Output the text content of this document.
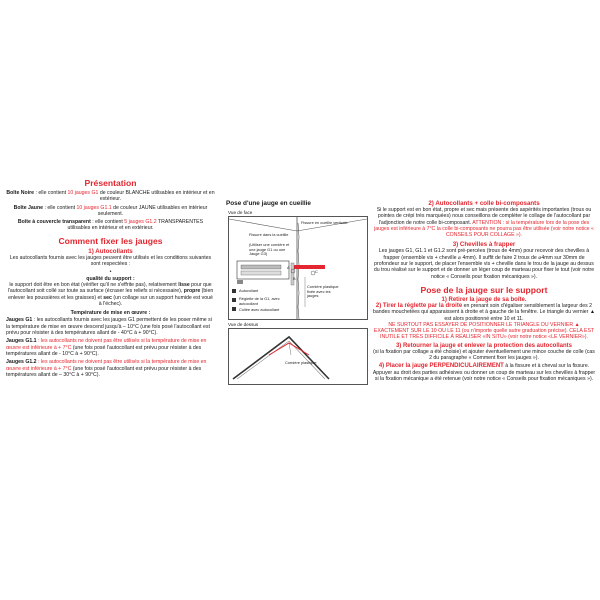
Présentation

Boîte Noire : elle contient 10 jauges G1 de couleur BLANCHE utilisables en intérieur et en extérieur.

Boîte Jaune : elle contient 10 jauges G1.1 de couleur JAUNE utilisables en intérieur seulement.

Boîte à couvercle transparent : elle contient 5 jauges G1.2 TRANSPARENTES utilisables en intérieur et en extérieur.

Comment fixer les jauges

1) Autocollants

Les autocollants fournis avec les jauges peuvent être utilisés et les conditions suivantes sont respectées :

•

qualité du support :

le support doit être en bon état (vérifier qu'il ne s'effrite pas), relativement lisse pour que l'autocollant soit collé sur toute sa surface (écraser les reliefs si nécessaire), propre (bien enlever les poussières et les graisses) et sec (un collage sur un support humide est voué à l'échec).

Température de mise en œuvre :

Jauges G1 : les autocollants fournis avec les jauges G1 permettent de les poser même si la température de mise en œuvre descend jusqu'à – 10°C (une fois posé l'autocollant est prévu pour résister à des températures allant de - 40°C à + 90°C).

Jauges G1.1 : les autocollants ne doivent pas être utilisés si la température de mise en œuvre est inférieure à + 7°C (une fois posé l'autocollant est prévu pour résister à des températures allant de - 10°C à + 90°C).

Jauges G1.2 : les autocollants ne doivent pas être utilisés si la température de mise en œuvre est inférieure à + 7°C (une fois posé l'autocollant est prévu pour résister à des températures allant de – 30°C à + 90°C).

Pose d'une jauge en cueillie

Vue de face

Fissure en cueillie verticale
Fissure dans la cueillie
(Utiliser une cornière et une jauge G1 ou une Jauge G3)
A
B
C
Autocollant
Réglette de la G1, avec autocollant
Collée avec autocollant
Cornière plastique fixée avec les jauges

Vue de dessus

Cornière plastique

2) Autocollants + colle bi-composants

Si le support est en bon état, propre et sec mais présente des aspérités importantes (trous ou pointes de crépi très marquées) nous conseillons de compléter le collage de l'autocollant par l'adjonction de notre colle bi-composant. ATTENTION : si la température lors de la pose des jauges est inférieure à 7°C la colle bi-composants ne pourra pas être utilisée (voir notre notice « CONSEILS POUR COLLAGE »).

3) Chevilles à frapper

Les jauges G1, G1.1 et G1.2 sont pré-percées (trous de 4mm) pour recevoir des chevilles à frapper (ensemble vis + cheville ⌀ 4mm). Il suffit de faire 2 trous de ⌀4mm sur 30mm de profondeur sur le support, de placer l'ensemble vis + cheville dans le trou de la jauge au dessus du trou réalisé sur le support et de donner un léger coup de marteau pour fixer le tout (voir notre notice « Conseils pour fixation mécaniques »).

Pose de la jauge sur le support

1) Retirer la jauge de sa boîte.

2) Tirer la réglette par la droite en prenant soin d'égaliser sensiblement la largeur des 2 bandes mouchetées qui apparaissent à droite et à gauche de la fenêtre. Le triangle du vernier ▲ est alors positionné entre 10 et 11.

NE SURTOUT PAS ESSAYER DE POSITIONNER LE TRIANGLE DU VERNIER ▲ EXACTEMENT SUR LE 10 OU LE 11 (ou n'importe quelle autre graduation précise). CELA EST INUTILE ET TRÈS DIFFICILE À RÉALISER «IN SITU» (voir notre notice «LE VERNIER»).

3) Retourner la jauge et enlever la protection des autocollants

(si la fixation par collage a été choisie) et ajouter éventuellement une mince couche de colle (cas 2 du paragraphe « Comment fixer les jauges »).

4) Placer la jauge PERPENDICULAIREMENT à la fissure et à cheval sur la fissure. Appuyer au droit des parties adhésives ou donner un coup de marteau sur les chevilles à frapper si la fixation mécanique a été retenue (voir notre notice « Conseils pour fixation mécaniques »).
